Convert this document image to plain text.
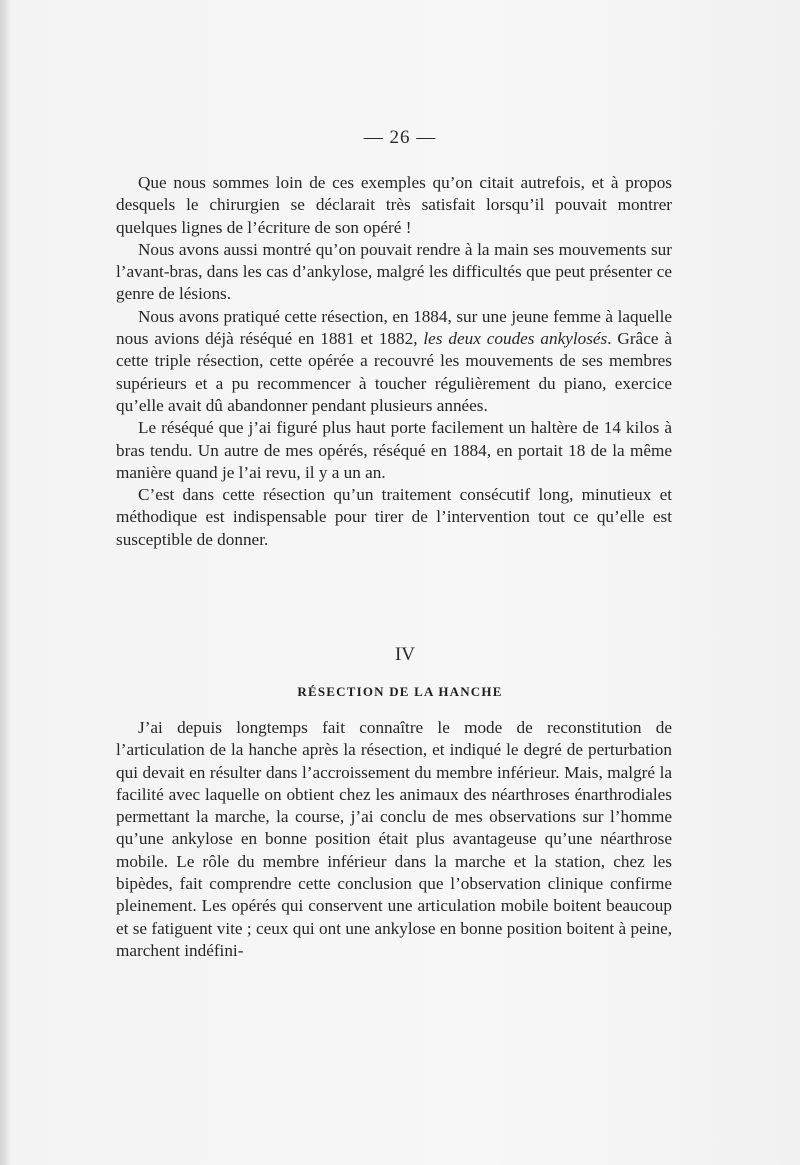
— 26 —

Que nous sommes loin de ces exemples qu’on citait autrefois, et à propos desquels le chirurgien se déclarait très satisfait lorsqu’il pouvait montrer quelques lignes de l’écriture de son opéré !

Nous avons aussi montré qu’on pouvait rendre à la main ses mouvements sur l’avant-bras, dans les cas d’ankylose, malgré les difficultés que peut présenter ce genre de lésions.

Nous avons pratiqué cette résection, en 1884, sur une jeune femme à laquelle nous avions déjà réséqué en 1881 et 1882, les deux coudes ankylosés. Grâce à cette triple résection, cette opérée a recouvré les mouvements de ses membres supérieurs et a pu recommencer à toucher régulièrement du piano, exercice qu’elle avait dû abandonner pendant plusieurs années.

Le réséqué que j’ai figuré plus haut porte facilement un haltère de 14 kilos à bras tendu. Un autre de mes opérés, réséqué en 1884, en portait 18 de la même manière quand je l’ai revu, il y a un an.

C’est dans cette résection qu’un traitement consécutif long, minutieux et méthodique est indispensable pour tirer de l’intervention tout ce qu’elle est susceptible de donner.

IV
RÉSECTION DE LA HANCHE

J’ai depuis longtemps fait connaître le mode de reconstitution de l’articulation de la hanche après la résection, et indiqué le degré de perturbation qui devait en résulter dans l’accroissement du membre inférieur. Mais, malgré la facilité avec laquelle on obtient chez les animaux des néarthroses énarthrodiales permettant la marche, la course, j’ai conclu de mes observations sur l’homme qu’une ankylose en bonne position était plus avantageuse qu’une néarthrose mobile. Le rôle du membre inférieur dans la marche et la station, chez les bipèdes, fait comprendre cette conclusion que l’observation clinique confirme pleinement. Les opérés qui conservent une articulation mobile boitent beaucoup et se fatiguent vite ; ceux qui ont une ankylose en bonne position boitent à peine, marchent indéfini-
